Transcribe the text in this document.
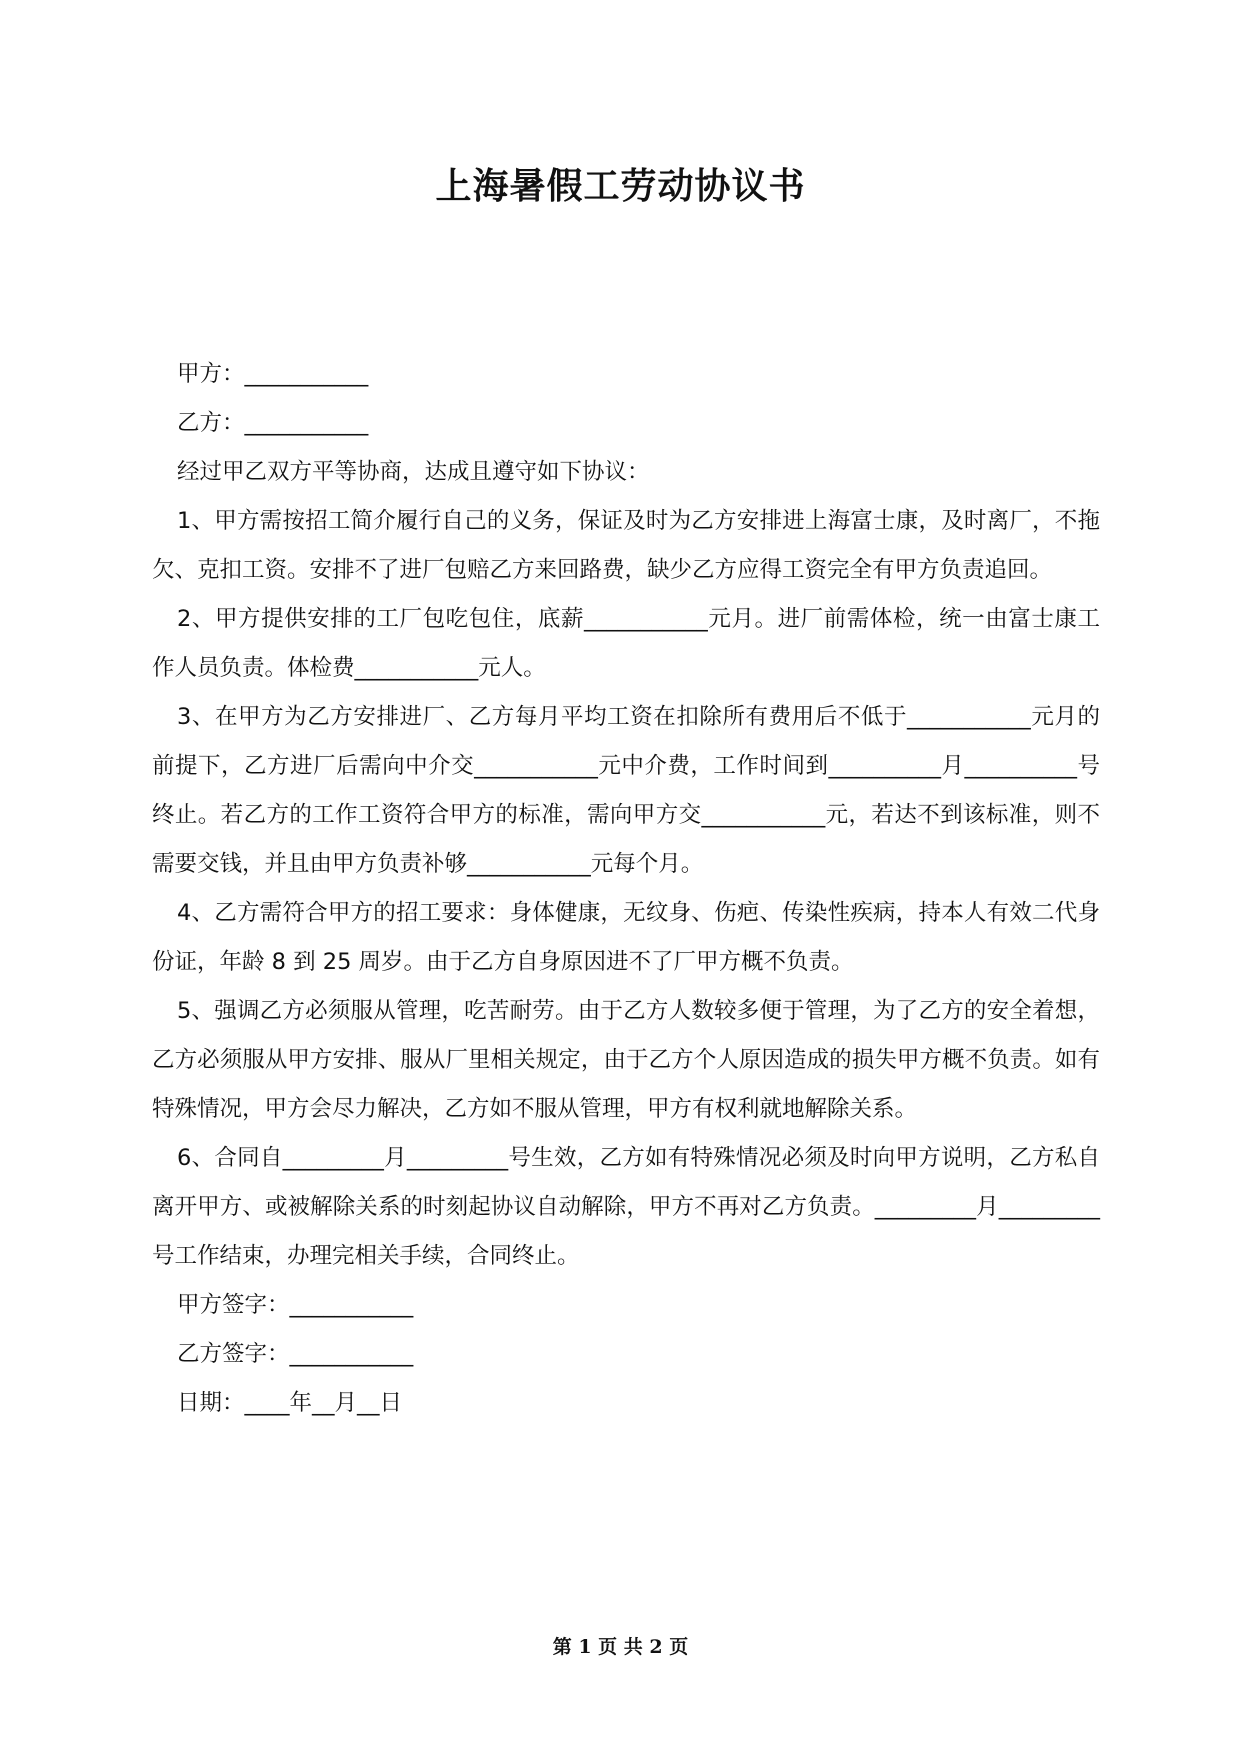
上海暑假工劳动协议书

甲方：___________

乙方：___________

经过甲乙双方平等协商，达成且遵守如下协议：

1、甲方需按招工简介履行自己的义务，保证及时为乙方安排进上海富士康，及时离厂，不拖欠、克扣工资。安排不了进厂包赔乙方来回路费，缺少乙方应得工资完全有甲方负责追回。

2、甲方提供安排的工厂包吃包住，底薪___________元月。进厂前需体检，统一由富士康工作人员负责。体检费___________元人。

3、在甲方为乙方安排进厂、乙方每月平均工资在扣除所有费用后不低于___________元月的前提下，乙方进厂后需向中介交___________元中介费，工作时间到__________月__________号终止。若乙方的工作工资符合甲方的标准，需向甲方交___________元，若达不到该标准，则不需要交钱，并且由甲方负责补够___________元每个月。

4、乙方需符合甲方的招工要求：身体健康，无纹身、伤疤、传染性疾病，持本人有效二代身份证，年龄 8 到 25 周岁。由于乙方自身原因进不了厂甲方概不负责。

5、强调乙方必须服从管理，吃苦耐劳。由于乙方人数较多便于管理，为了乙方的安全着想，乙方必须服从甲方安排、服从厂里相关规定，由于乙方个人原因造成的损失甲方概不负责。如有特殊情况，甲方会尽力解决，乙方如不服从管理，甲方有权利就地解除关系。

6、合同自_________月_________号生效，乙方如有特殊情况必须及时向甲方说明，乙方私自离开甲方、或被解除关系的时刻起协议自动解除，甲方不再对乙方负责。_________月_________号工作结束，办理完相关手续，合同终止。

甲方签字：___________

乙方签字：___________

日期：____年__月__日

第 1 页 共 2 页
